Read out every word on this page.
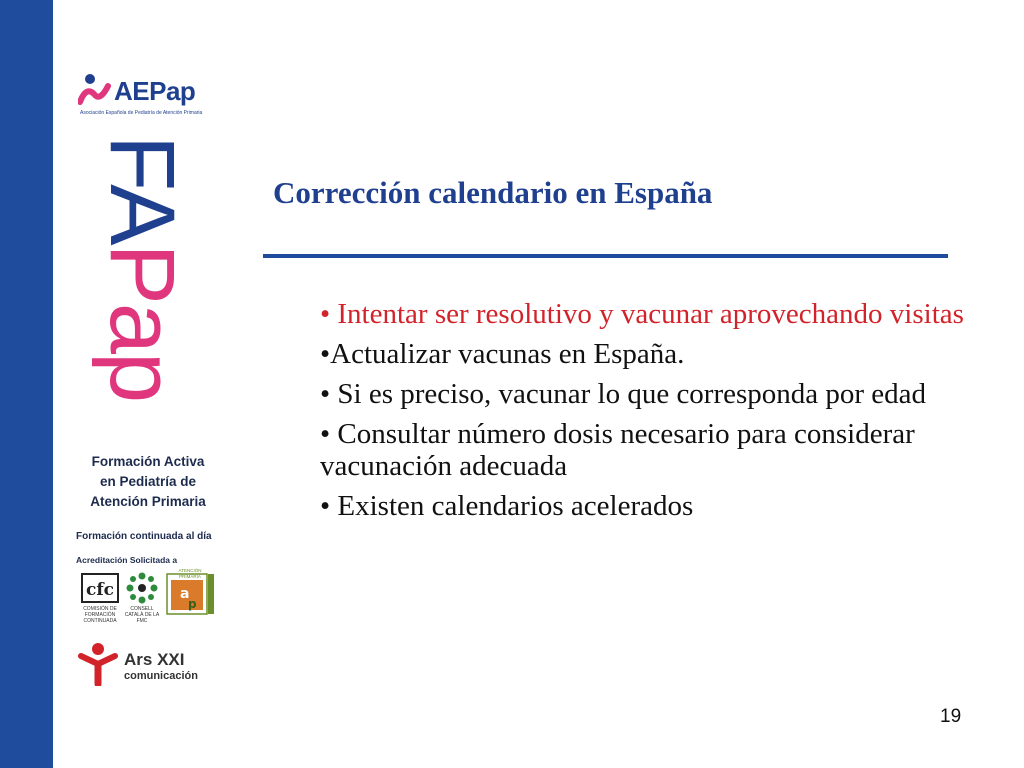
AEPap
Asociación Española de Pediatría de Atención Primaria
FAPap
Formación Activa
en Pediatría de
Atención Primaria
Formación continuada al día
Acreditación Solicitada a
cfc
COMISIÓN DE FORMACIÓN CONTINUADA
CONSELL CATALÀ DE LA FMC
a
p
ATENCIÓN PRIMARIA
Ars XXI
comunicación
Corrección calendario en España
• Intentar ser resolutivo y vacunar aprovechando visitas
•Actualizar vacunas en España.
• Si es preciso, vacunar lo que corresponda por edad
• Consultar número dosis necesario para considerar vacunación adecuada
• Existen calendarios acelerados
19
